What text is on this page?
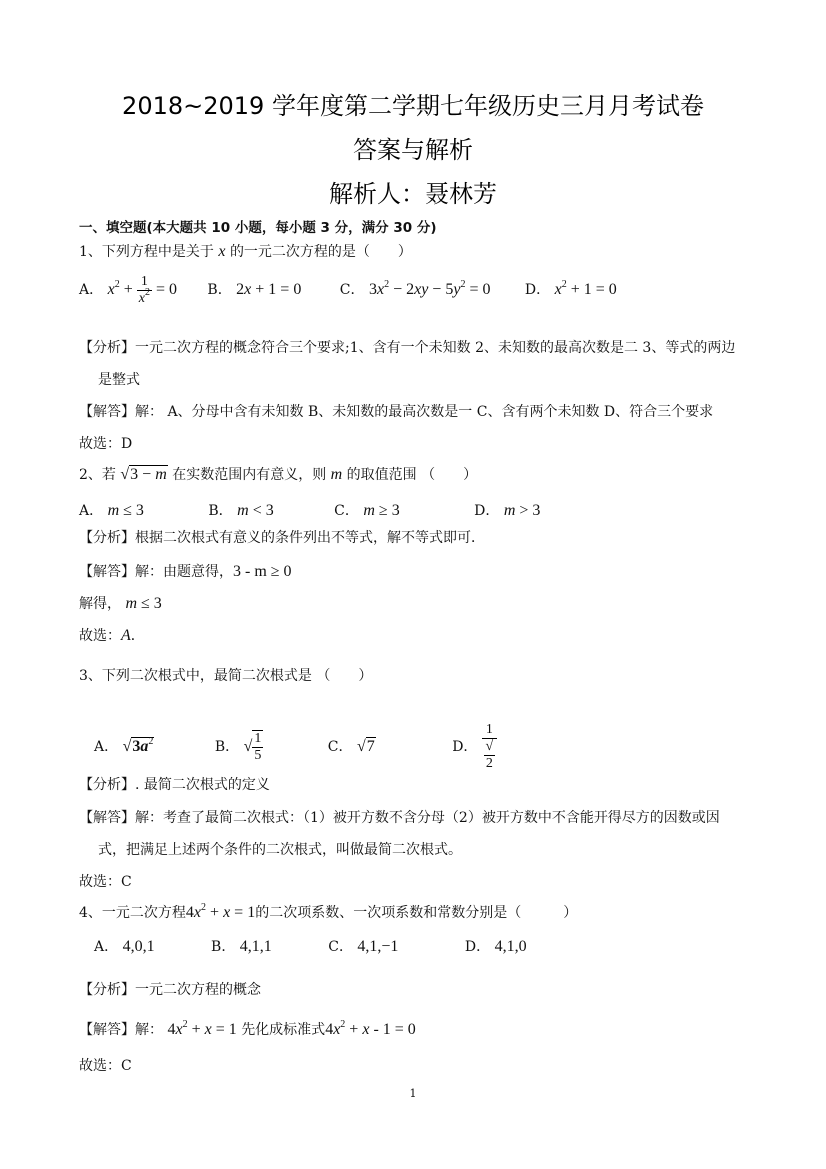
2018~2019 学年度第二学期七年级历史三月月考试卷
答案与解析
解析人：聂林芳
一、填空题(本大题共 10 小题，每小题 3 分，满分 30 分)
1、下列方程中是关于 x 的一元二次方程的是（　　）
A． $x^2 + \frac{1}{x^2} = 0$ B． 2x + 1 = 0	C． $3x^2 - 2xy - 5y^2 = 0$ D． $x^2 + 1 = 0$
【分析】一元二次方程的概念符合三个要求;1、含有一个未知数 2、未知数的最高次数是二 3、等式的两边
是整式
【解答】解： A、分母中含有未知数 B、未知数的最高次数是一 C、含有两个未知数 D、符合三个要求
故选：D
2、若 √3 − m 在实数范围内有意义，则 m 的取值范围 （　　）
A． m ≤ 3	B． m < 3	C． m ≥ 3	D． m > 3
【分析】根据二次根式有意义的条件列出不等式，解不等式即可．
【解答】解：由题意得，3 - m ≥ 0
解得， m ≤ 3
故选：A．
3、下列二次根式中，最简二次根式是 （　　）
A． $√3a^2$	B． √ $\frac{1}{5}$	C． √7	D． 1
√
2
【分析】. 最简二次根式的定义
【解答】解：考查了最简二次根式：（1）被开方数不含分母（2）被开方数中不含能开得尽方的因数或因
式，把满足上述两个条件的二次根式，叫做最简二次根式。
故选：C
4、一元二次方程$4x^2 + x = 1$的二次项系数、一次项系数和常数分别是（　　　）
A． 4,0,1	B． 4,1,1	C． 4,1,−1	D． 4,1,0
【分析】一元二次方程的概念
【解答】解： $4x^2 + x = 1$ 先化成标准式$4x^2 + x - 1 = 0$
故选：C
1
